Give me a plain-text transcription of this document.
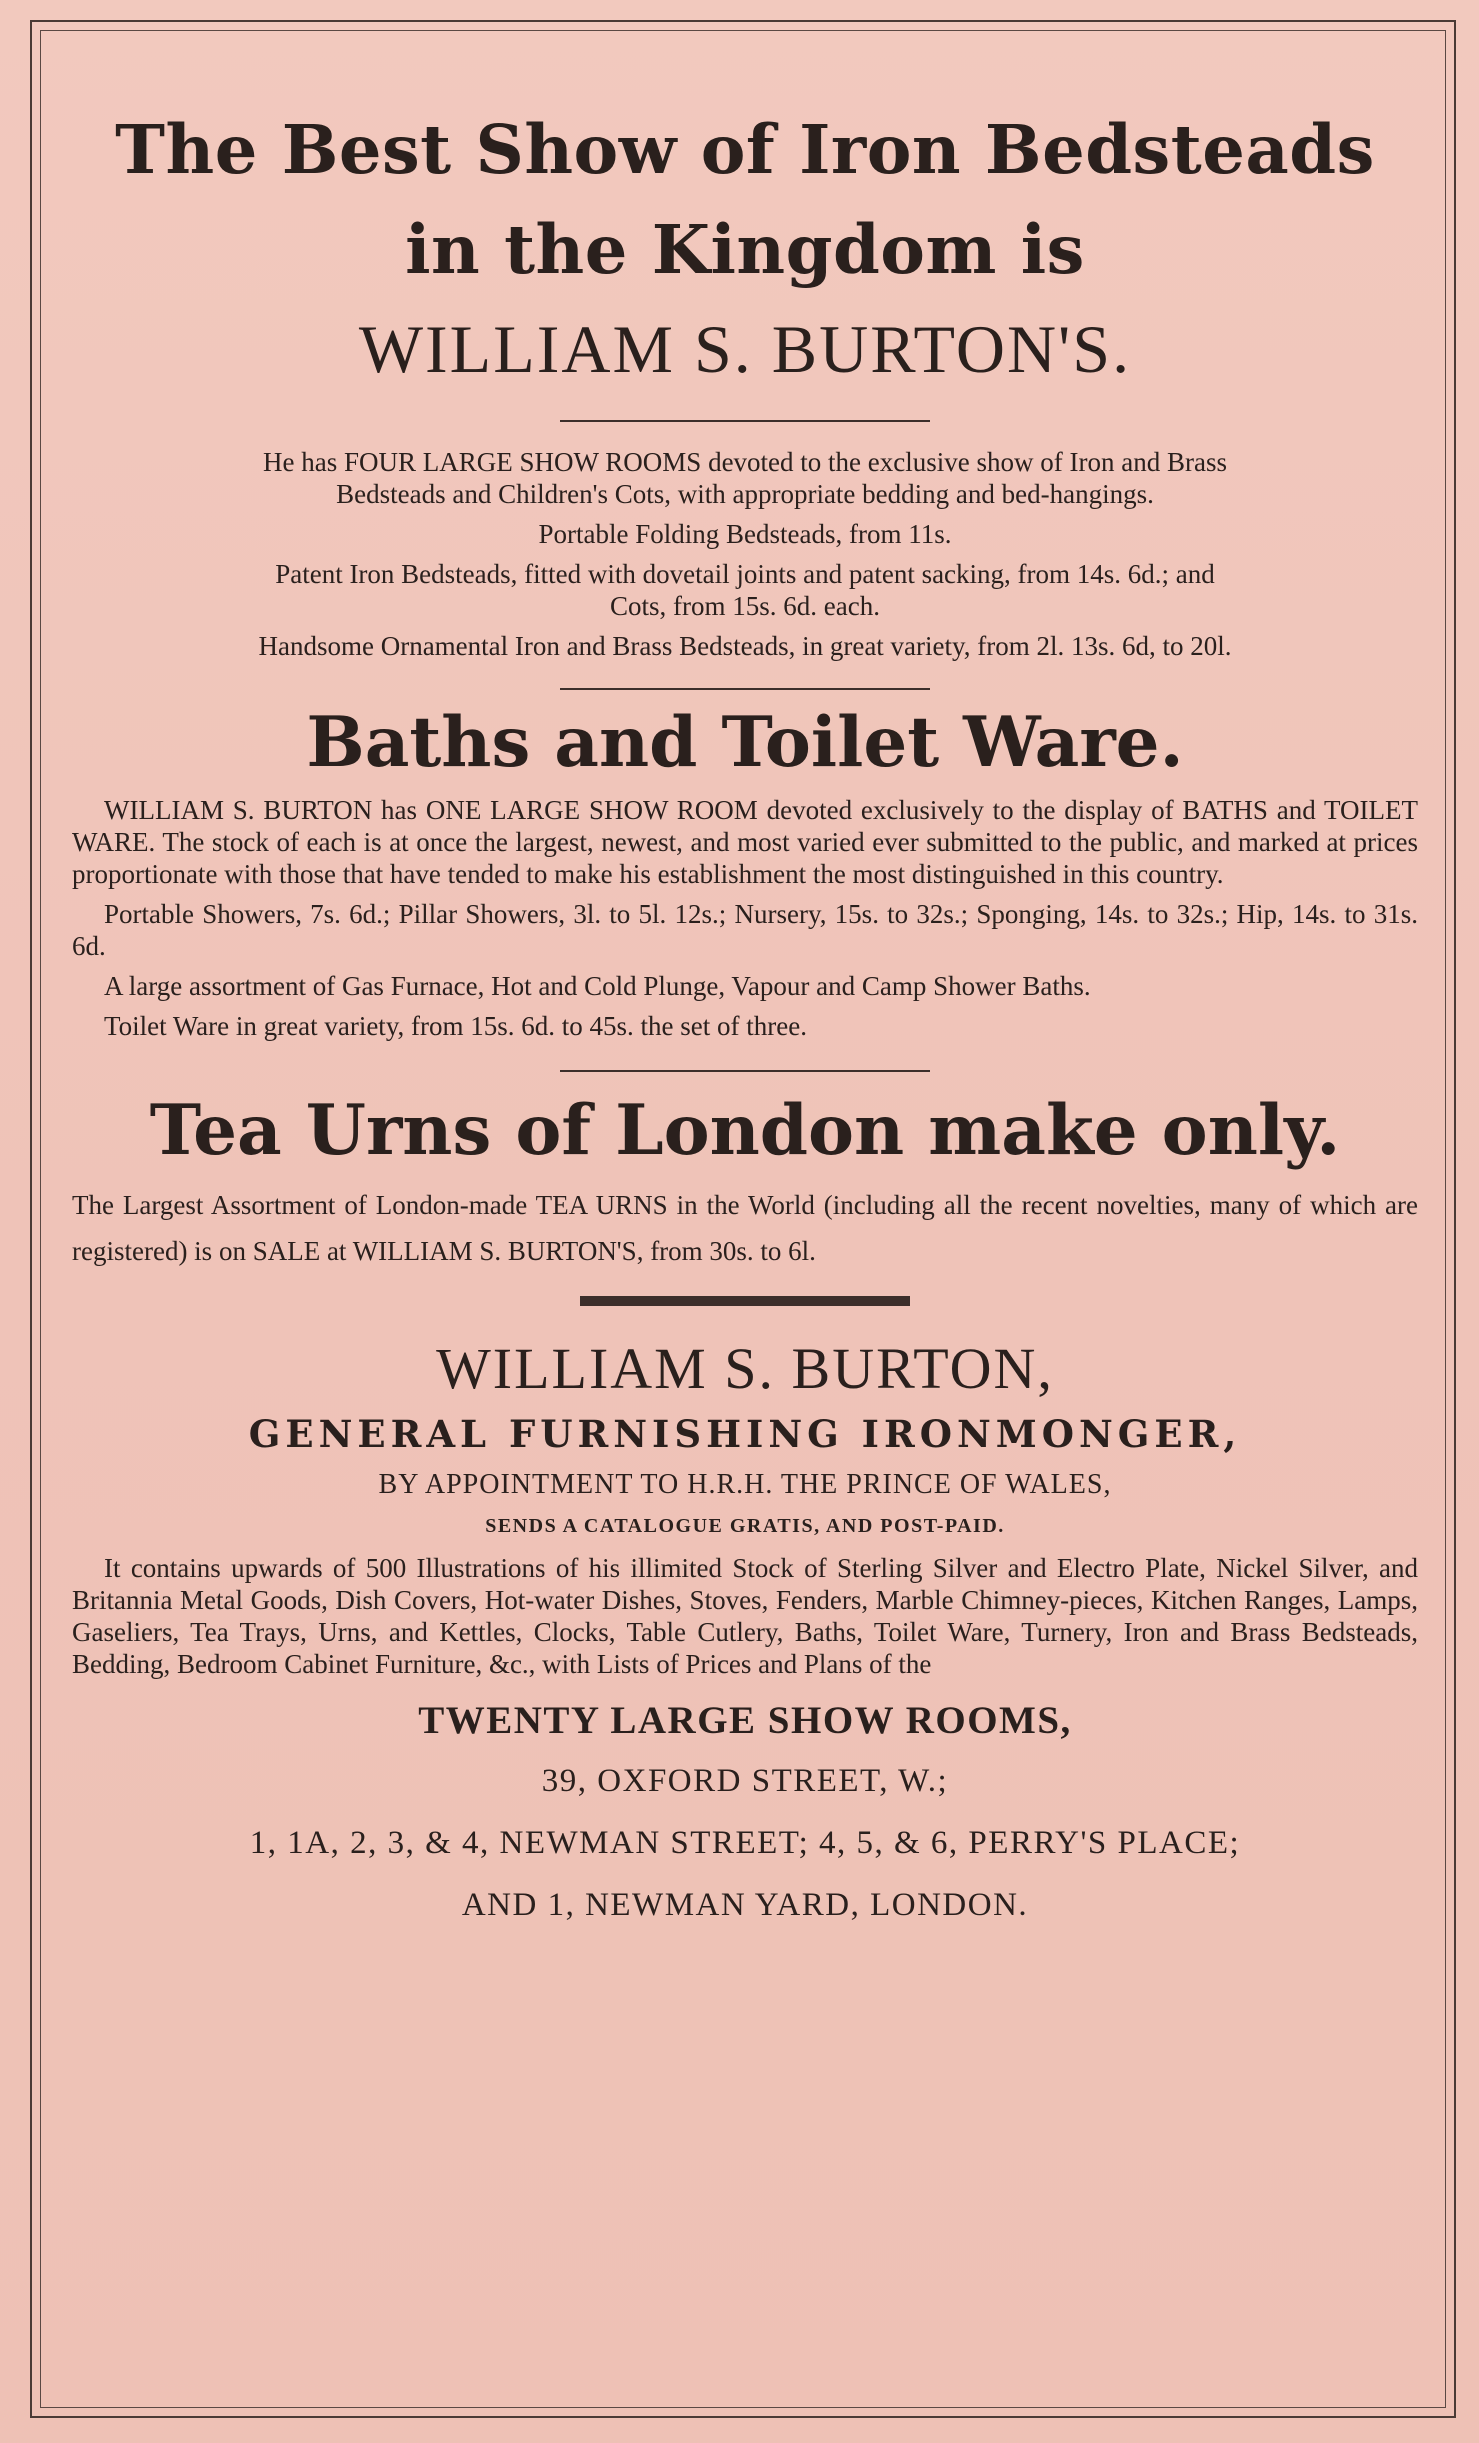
The Best Show of Iron Bedsteads
in the Kingdom is
WILLIAM S. BURTON'S.

He has FOUR LARGE SHOW ROOMS devoted to the exclusive show of Iron and Brass

Bedsteads and Children's Cots, with appropriate bedding and bed-hangings.

Portable Folding Bedsteads, from 11s.

Patent Iron Bedsteads, fitted with dovetail joints and patent sacking, from 14s. 6d.; and

Cots, from 15s. 6d. each.

Handsome Ornamental Iron and Brass Bedsteads, in great variety, from 2l. 13s. 6d, to 20l.

Baths and Toilet Ware.

WILLIAM S. BURTON has ONE LARGE SHOW ROOM devoted exclusively to the display of BATHS and TOILET WARE. The stock of each is at once the largest, newest, and most varied ever submitted to the public, and marked at prices proportionate with those that have tended to make his establishment the most distinguished in this country.

Portable Showers, 7s. 6d.; Pillar Showers, 3l. to 5l. 12s.; Nursery, 15s. to 32s.; Sponging, 14s. to 32s.; Hip, 14s. to 31s. 6d.

A large assortment of Gas Furnace, Hot and Cold Plunge, Vapour and Camp Shower Baths.

Toilet Ware in great variety, from 15s. 6d. to 45s. the set of three.

Tea Urns of London make only.

The Largest Assortment of London-made TEA URNS in the World (including all the recent novelties, many of which are registered) is on SALE at WILLIAM S. BURTON'S, from 30s. to 6l.

WILLIAM S. BURTON,
GENERAL FURNISHING IRONMONGER,

BY APPOINTMENT TO H.R.H. THE PRINCE OF WALES,

SENDS A CATALOGUE GRATIS, AND POST-PAID.

It contains upwards of 500 Illustrations of his illimited Stock of Sterling Silver and Electro Plate, Nickel Silver, and Britannia Metal Goods, Dish Covers, Hot-water Dishes, Stoves, Fenders, Marble Chimney-pieces, Kitchen Ranges, Lamps, Gaseliers, Tea Trays, Urns, and Kettles, Clocks, Table Cutlery, Baths, Toilet Ware, Turnery, Iron and Brass Bedsteads, Bedding, Bedroom Cabinet Furniture, &c., with Lists of Prices and Plans of the

TWENTY LARGE SHOW ROOMS,

39, OXFORD STREET, W.;

1, 1A, 2, 3, & 4, NEWMAN STREET; 4, 5, & 6, PERRY'S PLACE;

AND 1, NEWMAN YARD, LONDON.
